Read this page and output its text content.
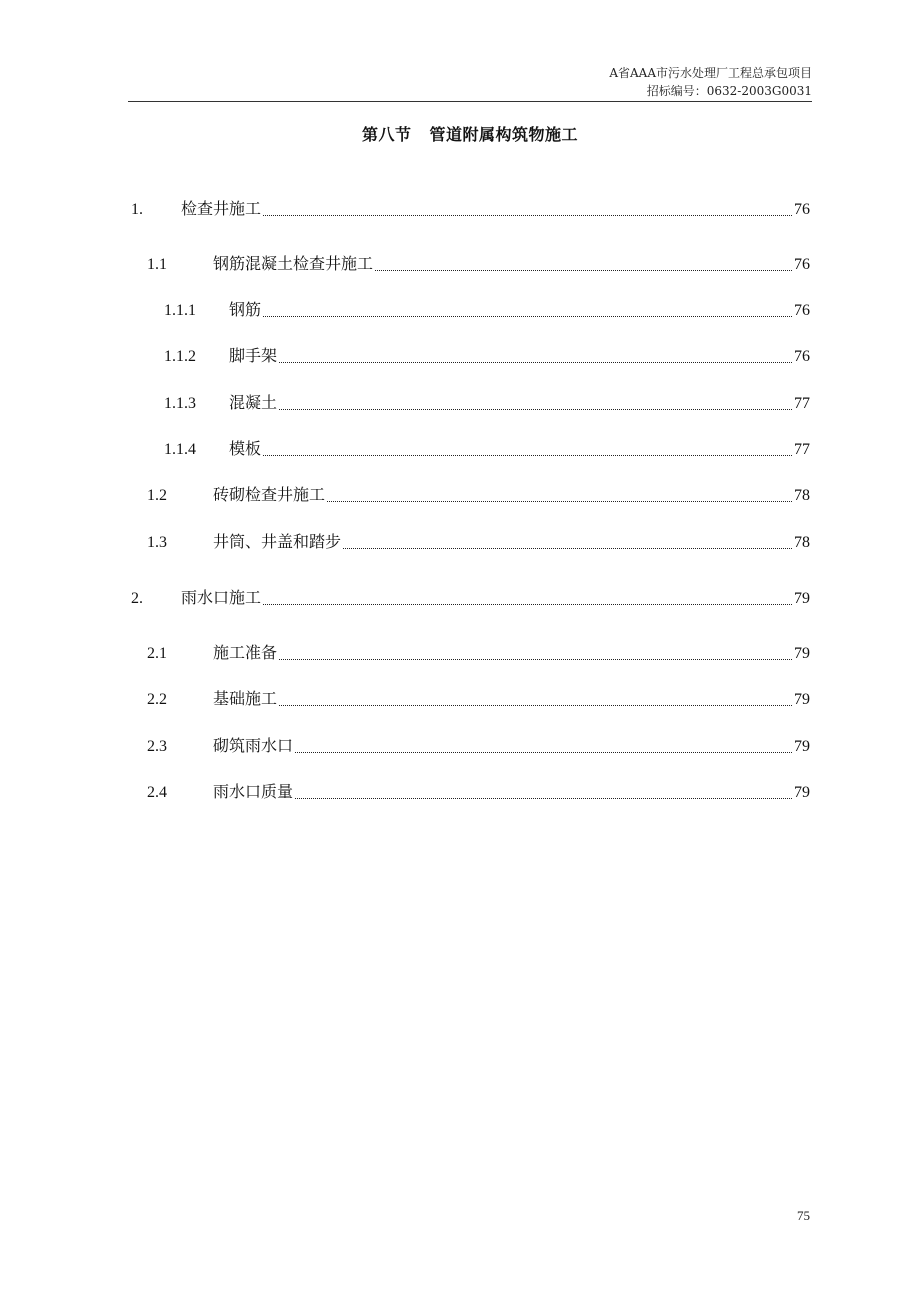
A省AAA市污水处理厂工程总承包项目
招标编号：0632-2003G0031
第八节 管道附属构筑物施工
1.	检查井施工	76
1.1	钢筋混凝土检查井施工	76
1.1.1	钢筋	76
1.1.2	脚手架	76
1.1.3	混凝土	77
1.1.4	模板	77
1.2	砖砌检查井施工	78
1.3	井筒、井盖和踏步	78
2.	雨水口施工	79
2.1	施工准备	79
2.2	基础施工	79
2.3	砌筑雨水口	79
2.4	雨水口质量	79
75
